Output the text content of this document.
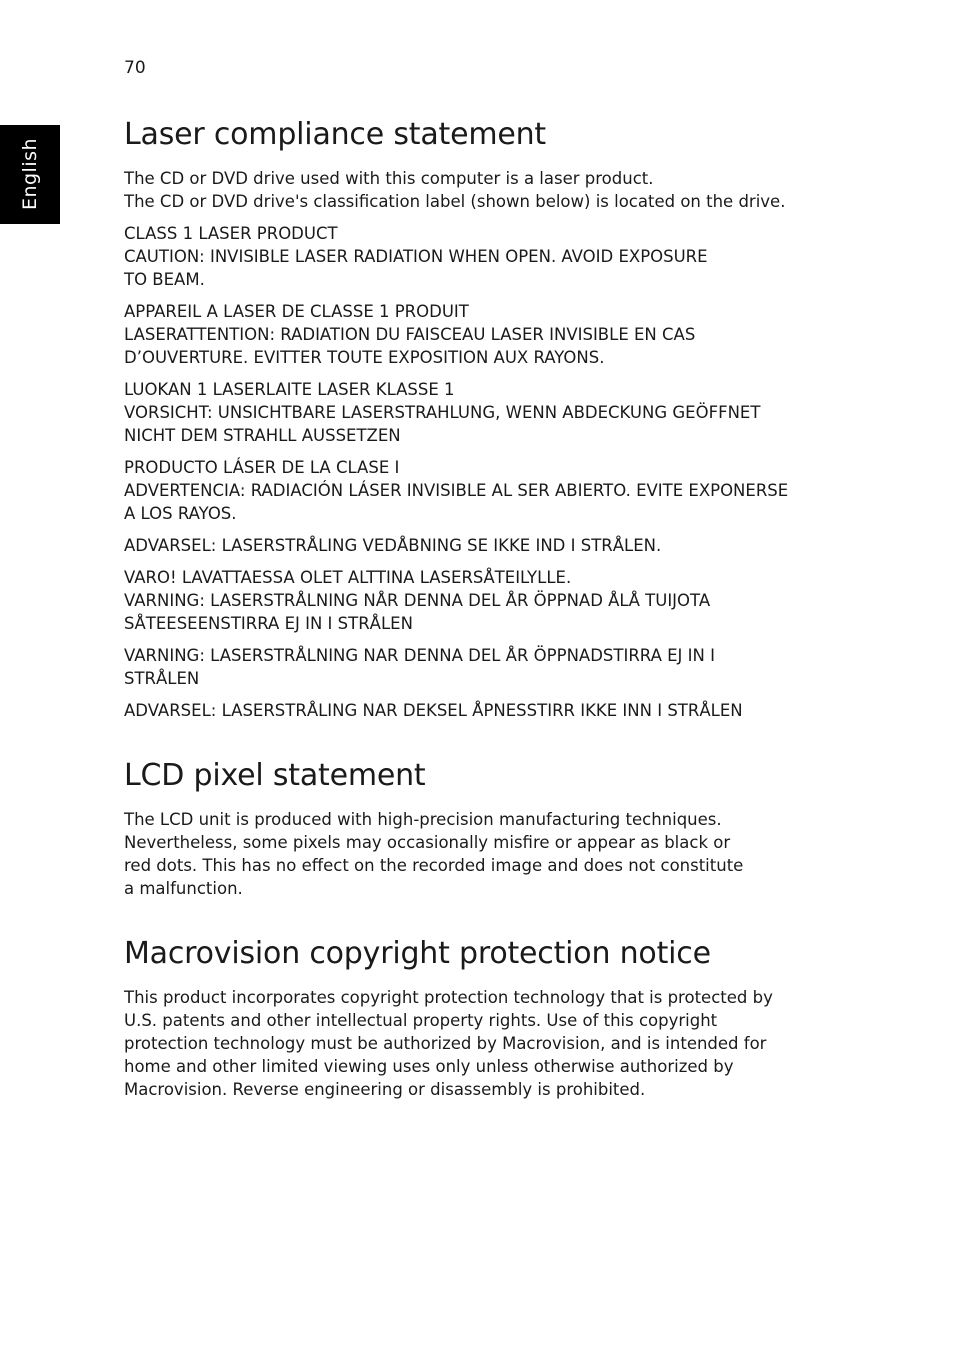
70
English
Laser compliance statement

The CD or DVD drive used with this computer is a laser product.
The CD or DVD drive's classification label (shown below) is located on the drive.

CLASS 1 LASER PRODUCT
CAUTION: INVISIBLE LASER RADIATION WHEN OPEN. AVOID EXPOSURE
TO BEAM.

APPAREIL A LASER DE CLASSE 1 PRODUIT
LASERATTENTION: RADIATION DU FAISCEAU LASER INVISIBLE EN CAS
D’OUVERTURE. EVITTER TOUTE EXPOSITION AUX RAYONS.

LUOKAN 1 LASERLAITE LASER KLASSE 1
VORSICHT: UNSICHTBARE LASERSTRAHLUNG, WENN ABDECKUNG GEÖFFNET
NICHT DEM STRAHLL AUSSETZEN

PRODUCTO LÁSER DE LA CLASE I
ADVERTENCIA: RADIACIÓN LÁSER INVISIBLE AL SER ABIERTO. EVITE EXPONERSE
A LOS RAYOS.

ADVARSEL: LASERSTRÅLING VEDÅBNING SE IKKE IND I STRÅLEN.

VARO! LAVATTAESSA OLET ALTTINA LASERSÅTEILYLLE.
VARNING: LASERSTRÅLNING NÅR DENNA DEL ÅR ÖPPNAD ÅLÅ TUIJOTA
SÅTEESEENSTIRRA EJ IN I STRÅLEN

VARNING: LASERSTRÅLNING NAR DENNA DEL ÅR ÖPPNADSTIRRA EJ IN I
STRÅLEN

ADVARSEL: LASERSTRÅLING NAR DEKSEL ÅPNESSTIRR IKKE INN I STRÅLEN

LCD pixel statement

The LCD unit is produced with high-precision manufacturing techniques.
Nevertheless, some pixels may occasionally misfire or appear as black or
red dots. This has no effect on the recorded image and does not constitute
a malfunction.

Macrovision copyright protection notice

This product incorporates copyright protection technology that is protected by
U.S. patents and other intellectual property rights. Use of this copyright
protection technology must be authorized by Macrovision, and is intended for
home and other limited viewing uses only unless otherwise authorized by
Macrovision. Reverse engineering or disassembly is prohibited.
